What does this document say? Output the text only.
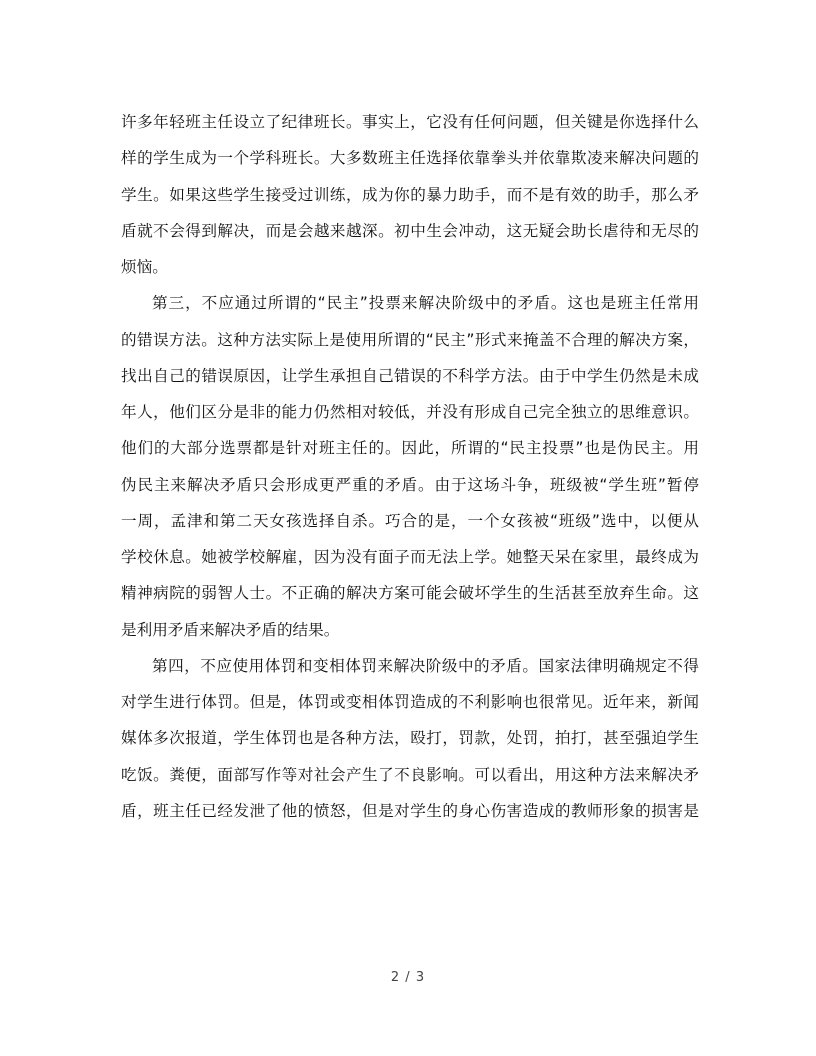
许多年轻班主任设立了纪律班长。事实上，它没有任何问题，但关键是你选择什么
样的学生成为一个学科班长。大多数班主任选择依靠拳头并依靠欺凌来解决问题的
学生。如果这些学生接受过训练，成为你的暴力助手，而不是有效的助手，那么矛
盾就不会得到解决，而是会越来越深。初中生会冲动，这无疑会助长虐待和无尽的
烦恼。
第三，不应通过所谓的“民主”投票来解决阶级中的矛盾。这也是班主任常用
的错误方法。这种方法实际上是使用所谓的“民主”形式来掩盖不合理的解决方案，
找出自己的错误原因，让学生承担自己错误的不科学方法。由于中学生仍然是未成
年人，他们区分是非的能力仍然相对较低，并没有形成自己完全独立的思维意识。
他们的大部分选票都是针对班主任的。因此，所谓的“民主投票”也是伪民主。用
伪民主来解决矛盾只会形成更严重的矛盾。由于这场斗争，班级被“学生班”暂停
一周，孟津和第二天女孩选择自杀。巧合的是，一个女孩被“班级”选中，以便从
学校休息。她被学校解雇，因为没有面子而无法上学。她整天呆在家里，最终成为
精神病院的弱智人士。不正确的解决方案可能会破坏学生的生活甚至放弃生命。这
是利用矛盾来解决矛盾的结果。
第四，不应使用体罚和变相体罚来解决阶级中的矛盾。国家法律明确规定不得
对学生进行体罚。但是，体罚或变相体罚造成的不利影响也很常见。近年来，新闻
媒体多次报道，学生体罚也是各种方法，殴打，罚款，处罚，拍打，甚至强迫学生
吃饭。粪便，面部写作等对社会产生了不良影响。可以看出，用这种方法来解决矛
盾，班主任已经发泄了他的愤怒，但是对学生的身心伤害造成的教师形象的损害是
2 / 3
